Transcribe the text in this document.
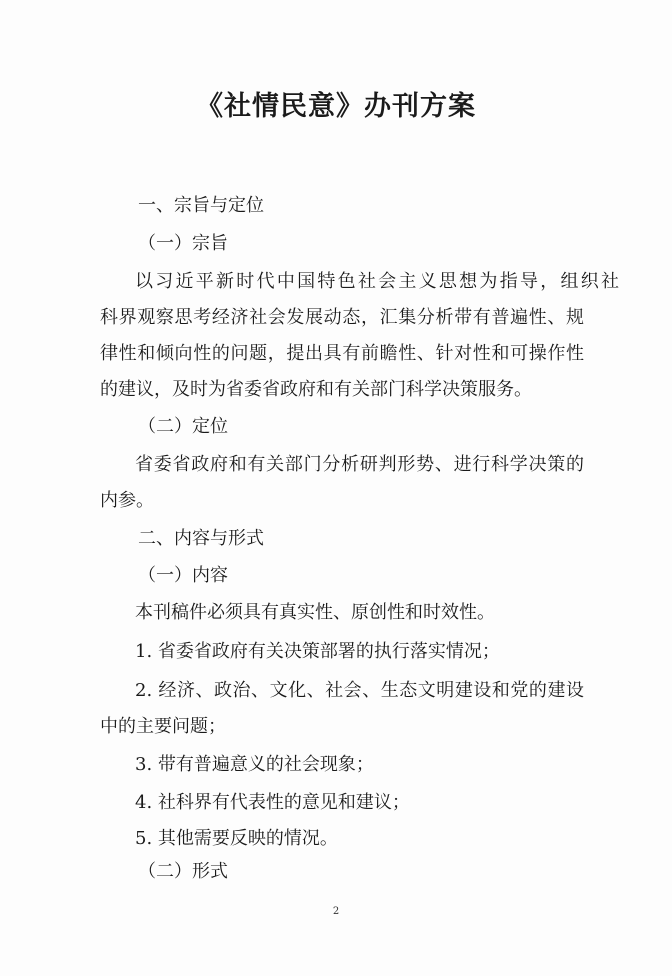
《社情民意》办刊方案
一、宗旨与定位
（一）宗旨
以习近平新时代中国特色社会主义思想为指导，组织社
科界观察思考经济社会发展动态，汇集分析带有普遍性、规
律性和倾向性的问题，提出具有前瞻性、针对性和可操作性
的建议，及时为省委省政府和有关部门科学决策服务。
（二）定位
省委省政府和有关部门分析研判形势、进行科学决策的
内参。
二、内容与形式
（一）内容
本刊稿件必须具有真实性、原创性和时效性。
1. 省委省政府有关决策部署的执行落实情况；
2. 经济、政治、文化、社会、生态文明建设和党的建设
中的主要问题；
3. 带有普遍意义的社会现象；
4. 社科界有代表性的意见和建议；
5. 其他需要反映的情况。
（二）形式
2
